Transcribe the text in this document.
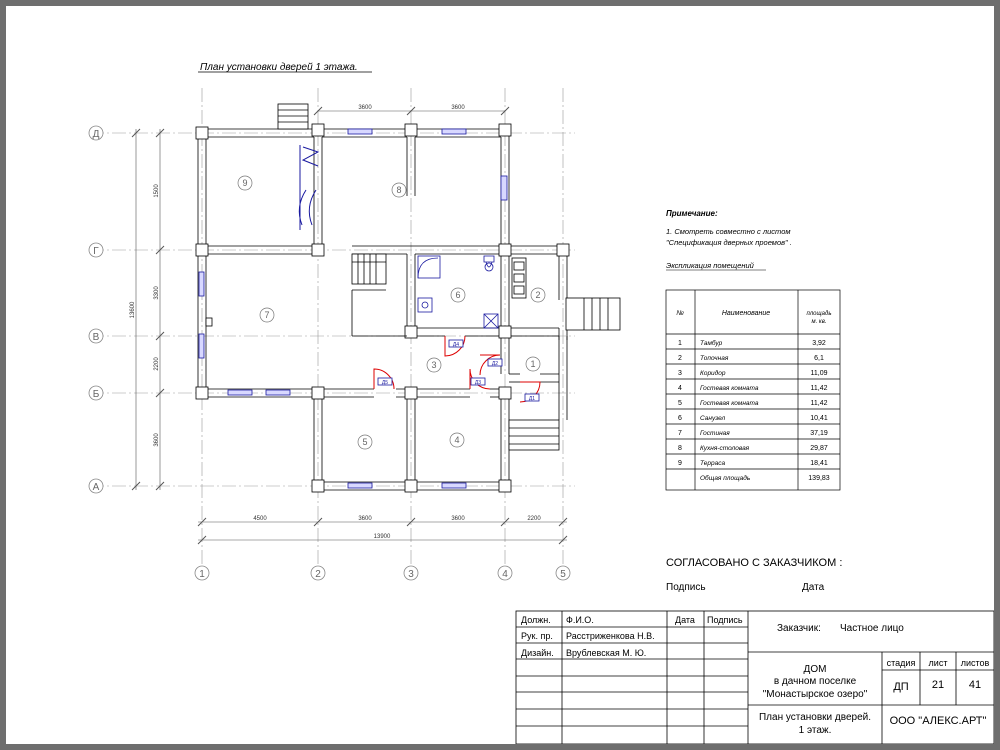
План установки дверей 1 этажа.
Д
Г
В
Б
А
1	2	3	4	5
3600	3600
4500	3600	3600	2200
13900
1500
3300
2200
3600
13600
Д5	Д3
Д2
Д4
Д1
1
2
3
4
5
6
7
8
9
Примечание:
1. Смотреть совместно с листом
"Спецификация дверных проемов" .
Экспликация помещений
№	Наименование	площадь м. кв.
1	Тамбур	3,92
2	Топочная	6,1
3	Коридор	11,09
4	Гостевая комната	11,42
5	Гостевая комната	11,42
6	Санузел	10,41
7	Гостиная	37,19
8	Кухня-столовая	29,87
9	Терраса	18,41
Общая площадь	139,83
СОГЛАСОВАНО С ЗАКАЗЧИКОМ :
Подпись	Дата
Должн. Ф.И.О.	Дата Подпись
Рук. пр. Расстриженкова Н.В.
Дизайн. Врублевская М. Ю.
Заказчик: Частное лицо
ДОМ
в дачном поселке
"Монастырское озеро"
План установки дверей.
1 этаж.
стадия лист листов
ДП 21 41
ООО "АЛЕКС.АРТ"
